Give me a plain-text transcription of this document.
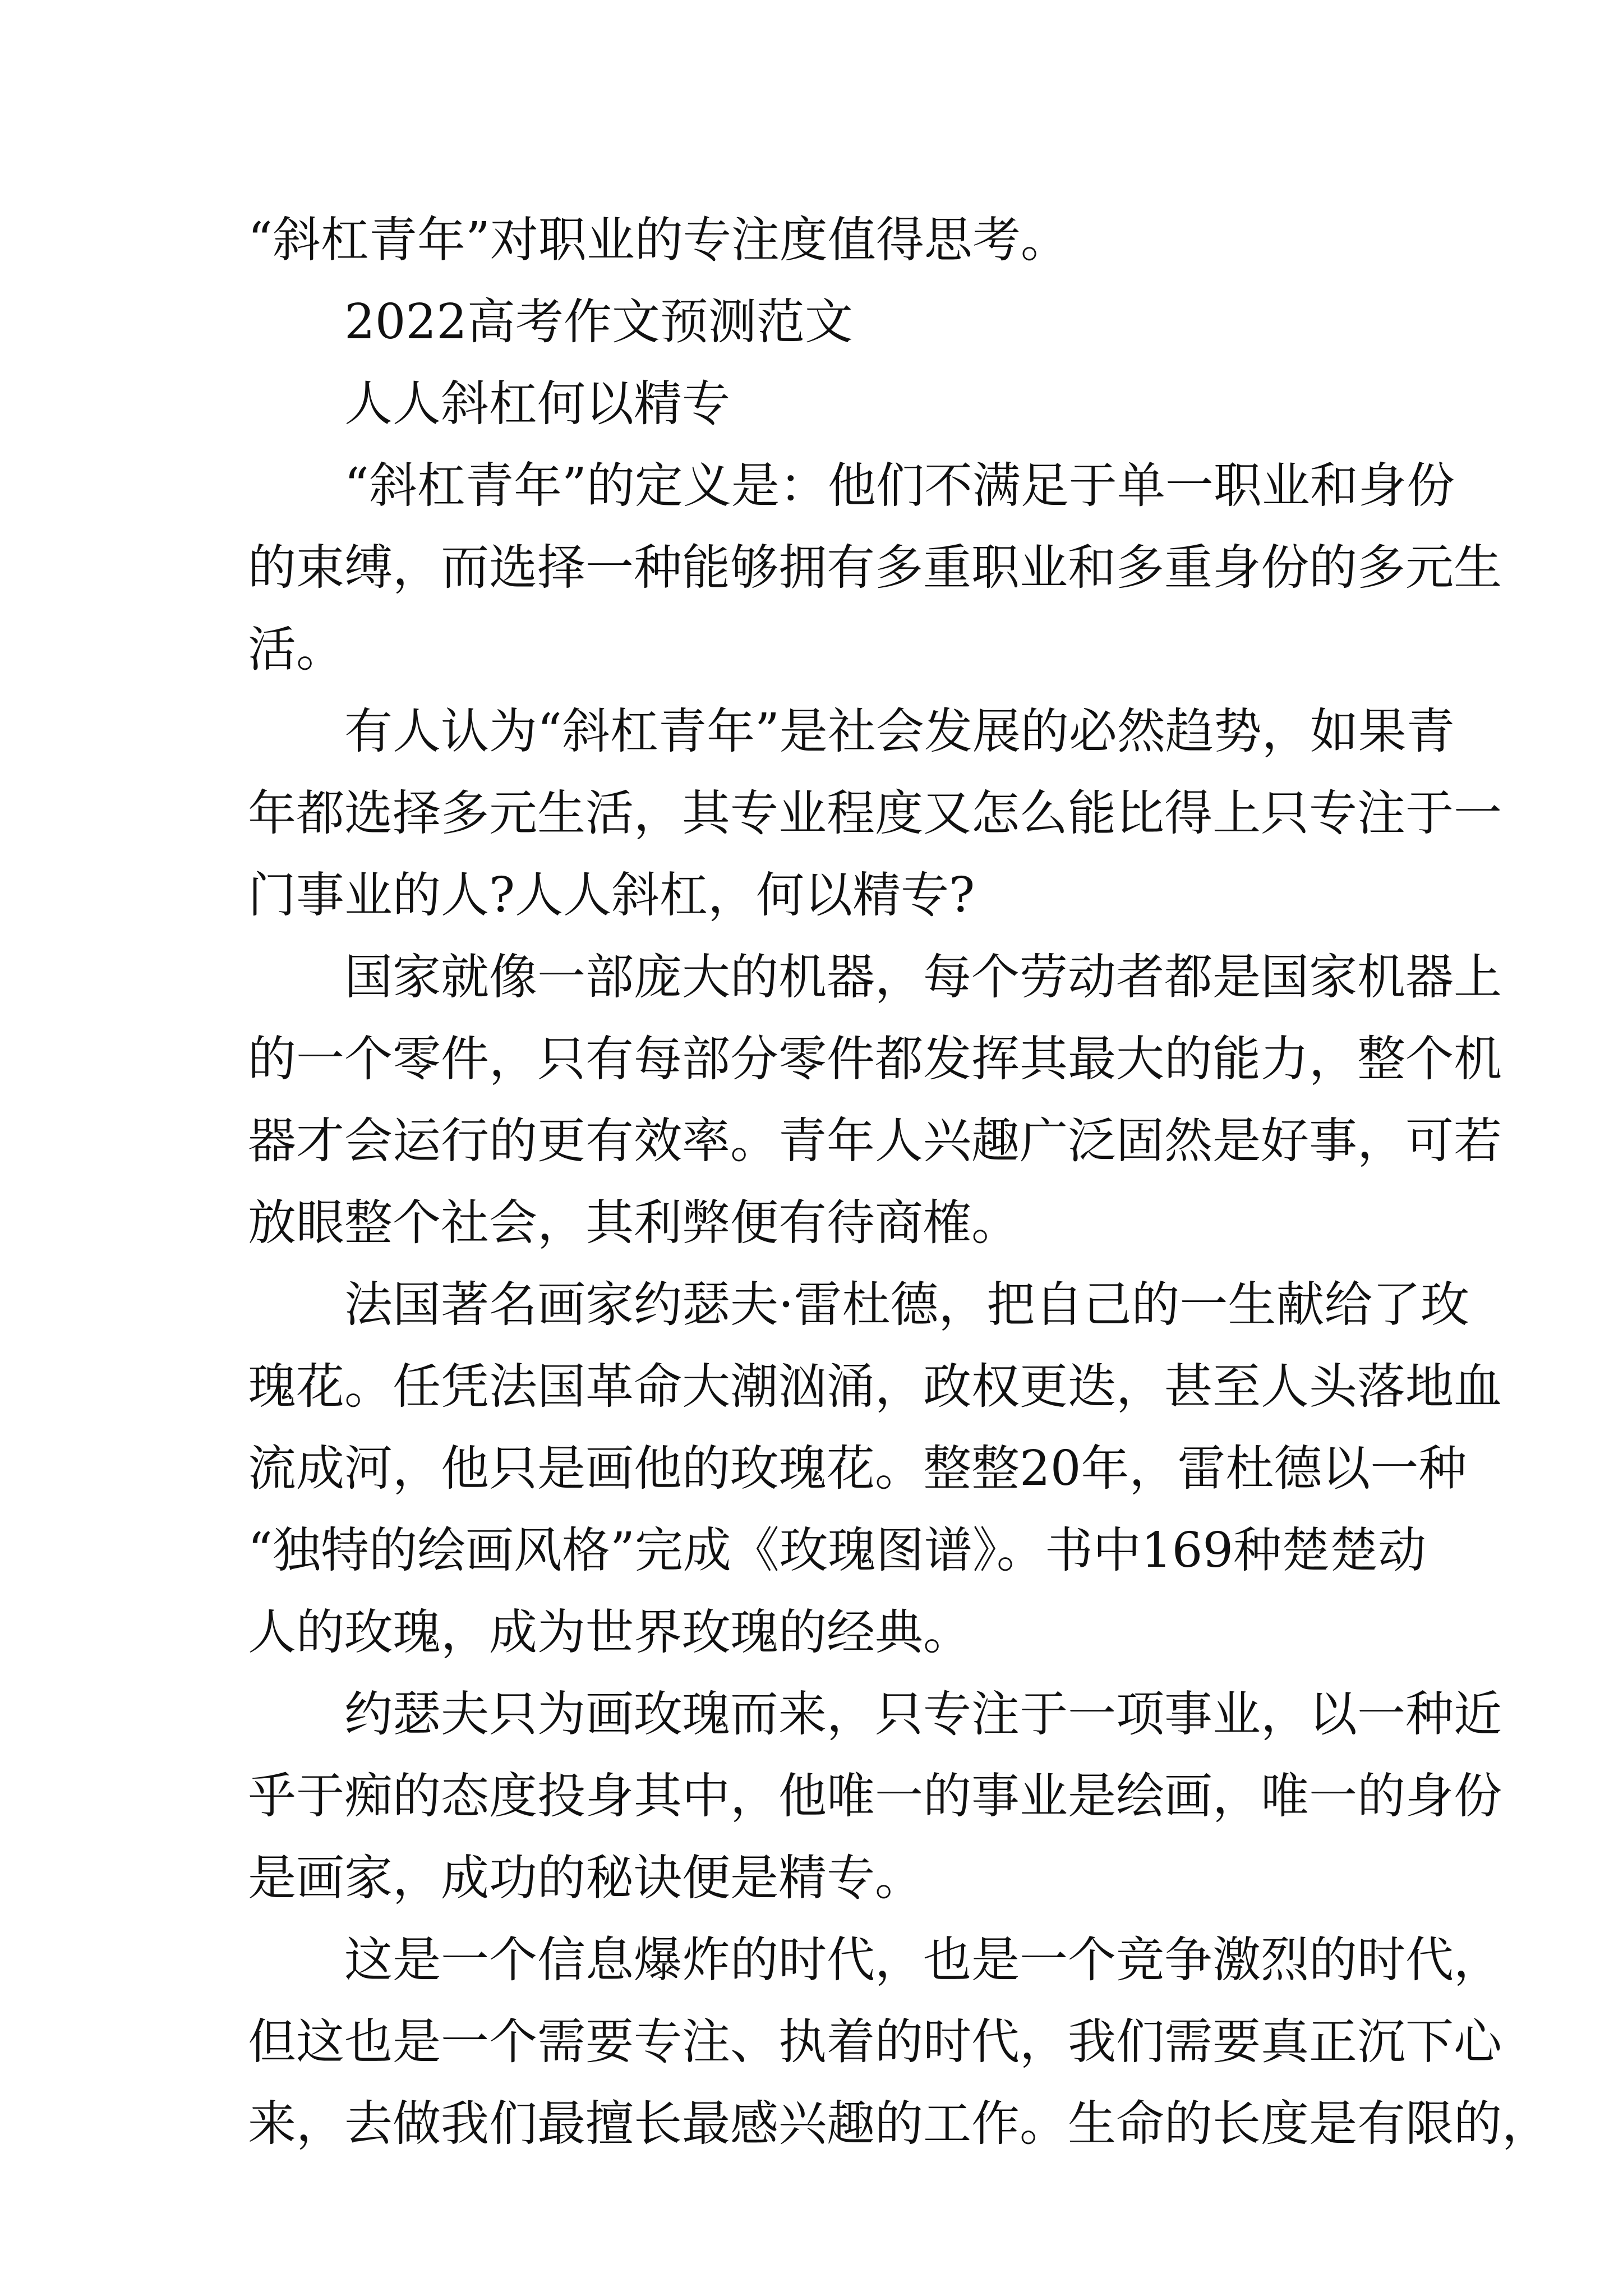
“斜杠青年”对职业的专注度值得思考。
　　2022高考作文预测范文
　　人人斜杠何以精专
　　“斜杠青年”的定义是：他们不满足于单一职业和身份
的束缚，而选择一种能够拥有多重职业和多重身份的多元生
活。
　　有人认为“斜杠青年”是社会发展的必然趋势，如果青
年都选择多元生活，其专业程度又怎么能比得上只专注于一
门事业的人?人人斜杠，何以精专?
　　国家就像一部庞大的机器，每个劳动者都是国家机器上
的一个零件，只有每部分零件都发挥其最大的能力，整个机
器才会运行的更有效率。青年人兴趣广泛固然是好事，可若
放眼整个社会，其利弊便有待商榷。
　　法国著名画家约瑟夫·雷杜德，把自己的一生献给了玫
瑰花。任凭法国革命大潮汹涌，政权更迭，甚至人头落地血
流成河，他只是画他的玫瑰花。整整20年，雷杜德以一种
“独特的绘画风格”完成《玫瑰图谱》。书中169种楚楚动
人的玫瑰，成为世界玫瑰的经典。
　　约瑟夫只为画玫瑰而来，只专注于一项事业，以一种近
乎于痴的态度投身其中，他唯一的事业是绘画，唯一的身份
是画家，成功的秘诀便是精专。
　　这是一个信息爆炸的时代，也是一个竞争激烈的时代，
但这也是一个需要专注、执着的时代，我们需要真正沉下心
来，去做我们最擅长最感兴趣的工作。生命的长度是有限的，
